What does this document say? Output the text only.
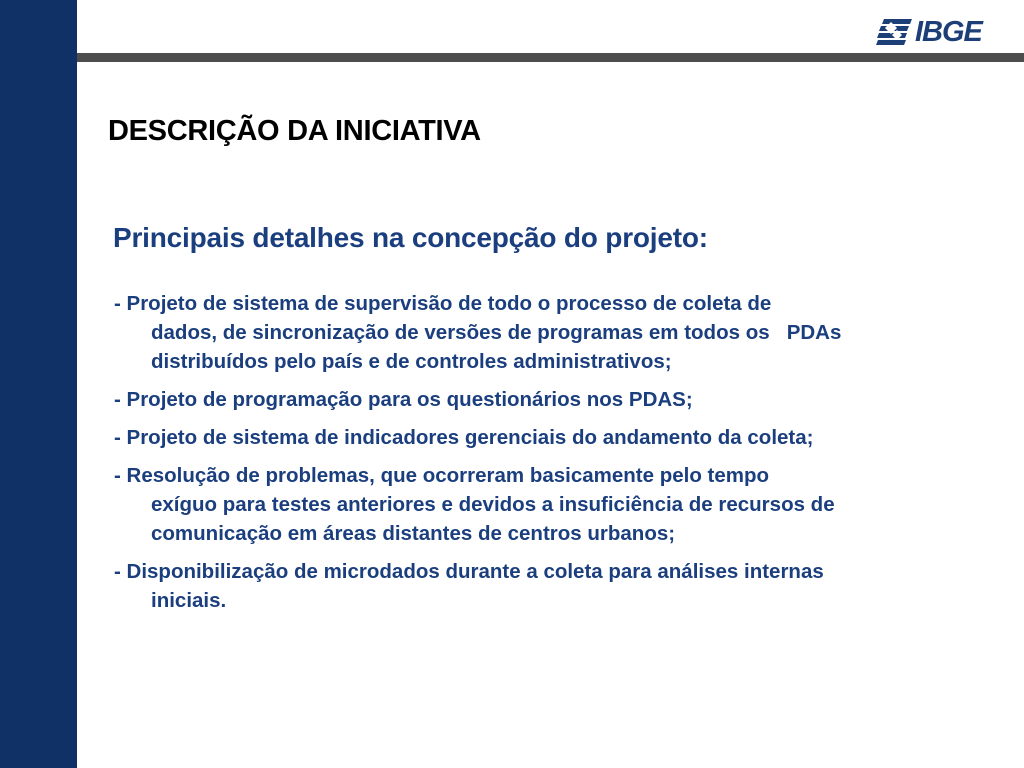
IBGE
DESCRIÇÃO DA INICIATIVA
Principais detalhes na concepção do projeto:
- Projeto de sistema de supervisão de todo o processo de coleta de
dados, de sincronização de versões de programas em todos os   PDAs
distribuídos pelo país e de controles administrativos;
- Projeto de programação para os questionários nos PDAS;
- Projeto de sistema de indicadores gerenciais do andamento da coleta;
- Resolução de problemas, que ocorreram basicamente pelo tempo
exíguo para testes anteriores e devidos a insuficiência de recursos de
comunicação em áreas distantes de centros urbanos;
- Disponibilização de microdados durante a coleta para análises internas
iniciais.
